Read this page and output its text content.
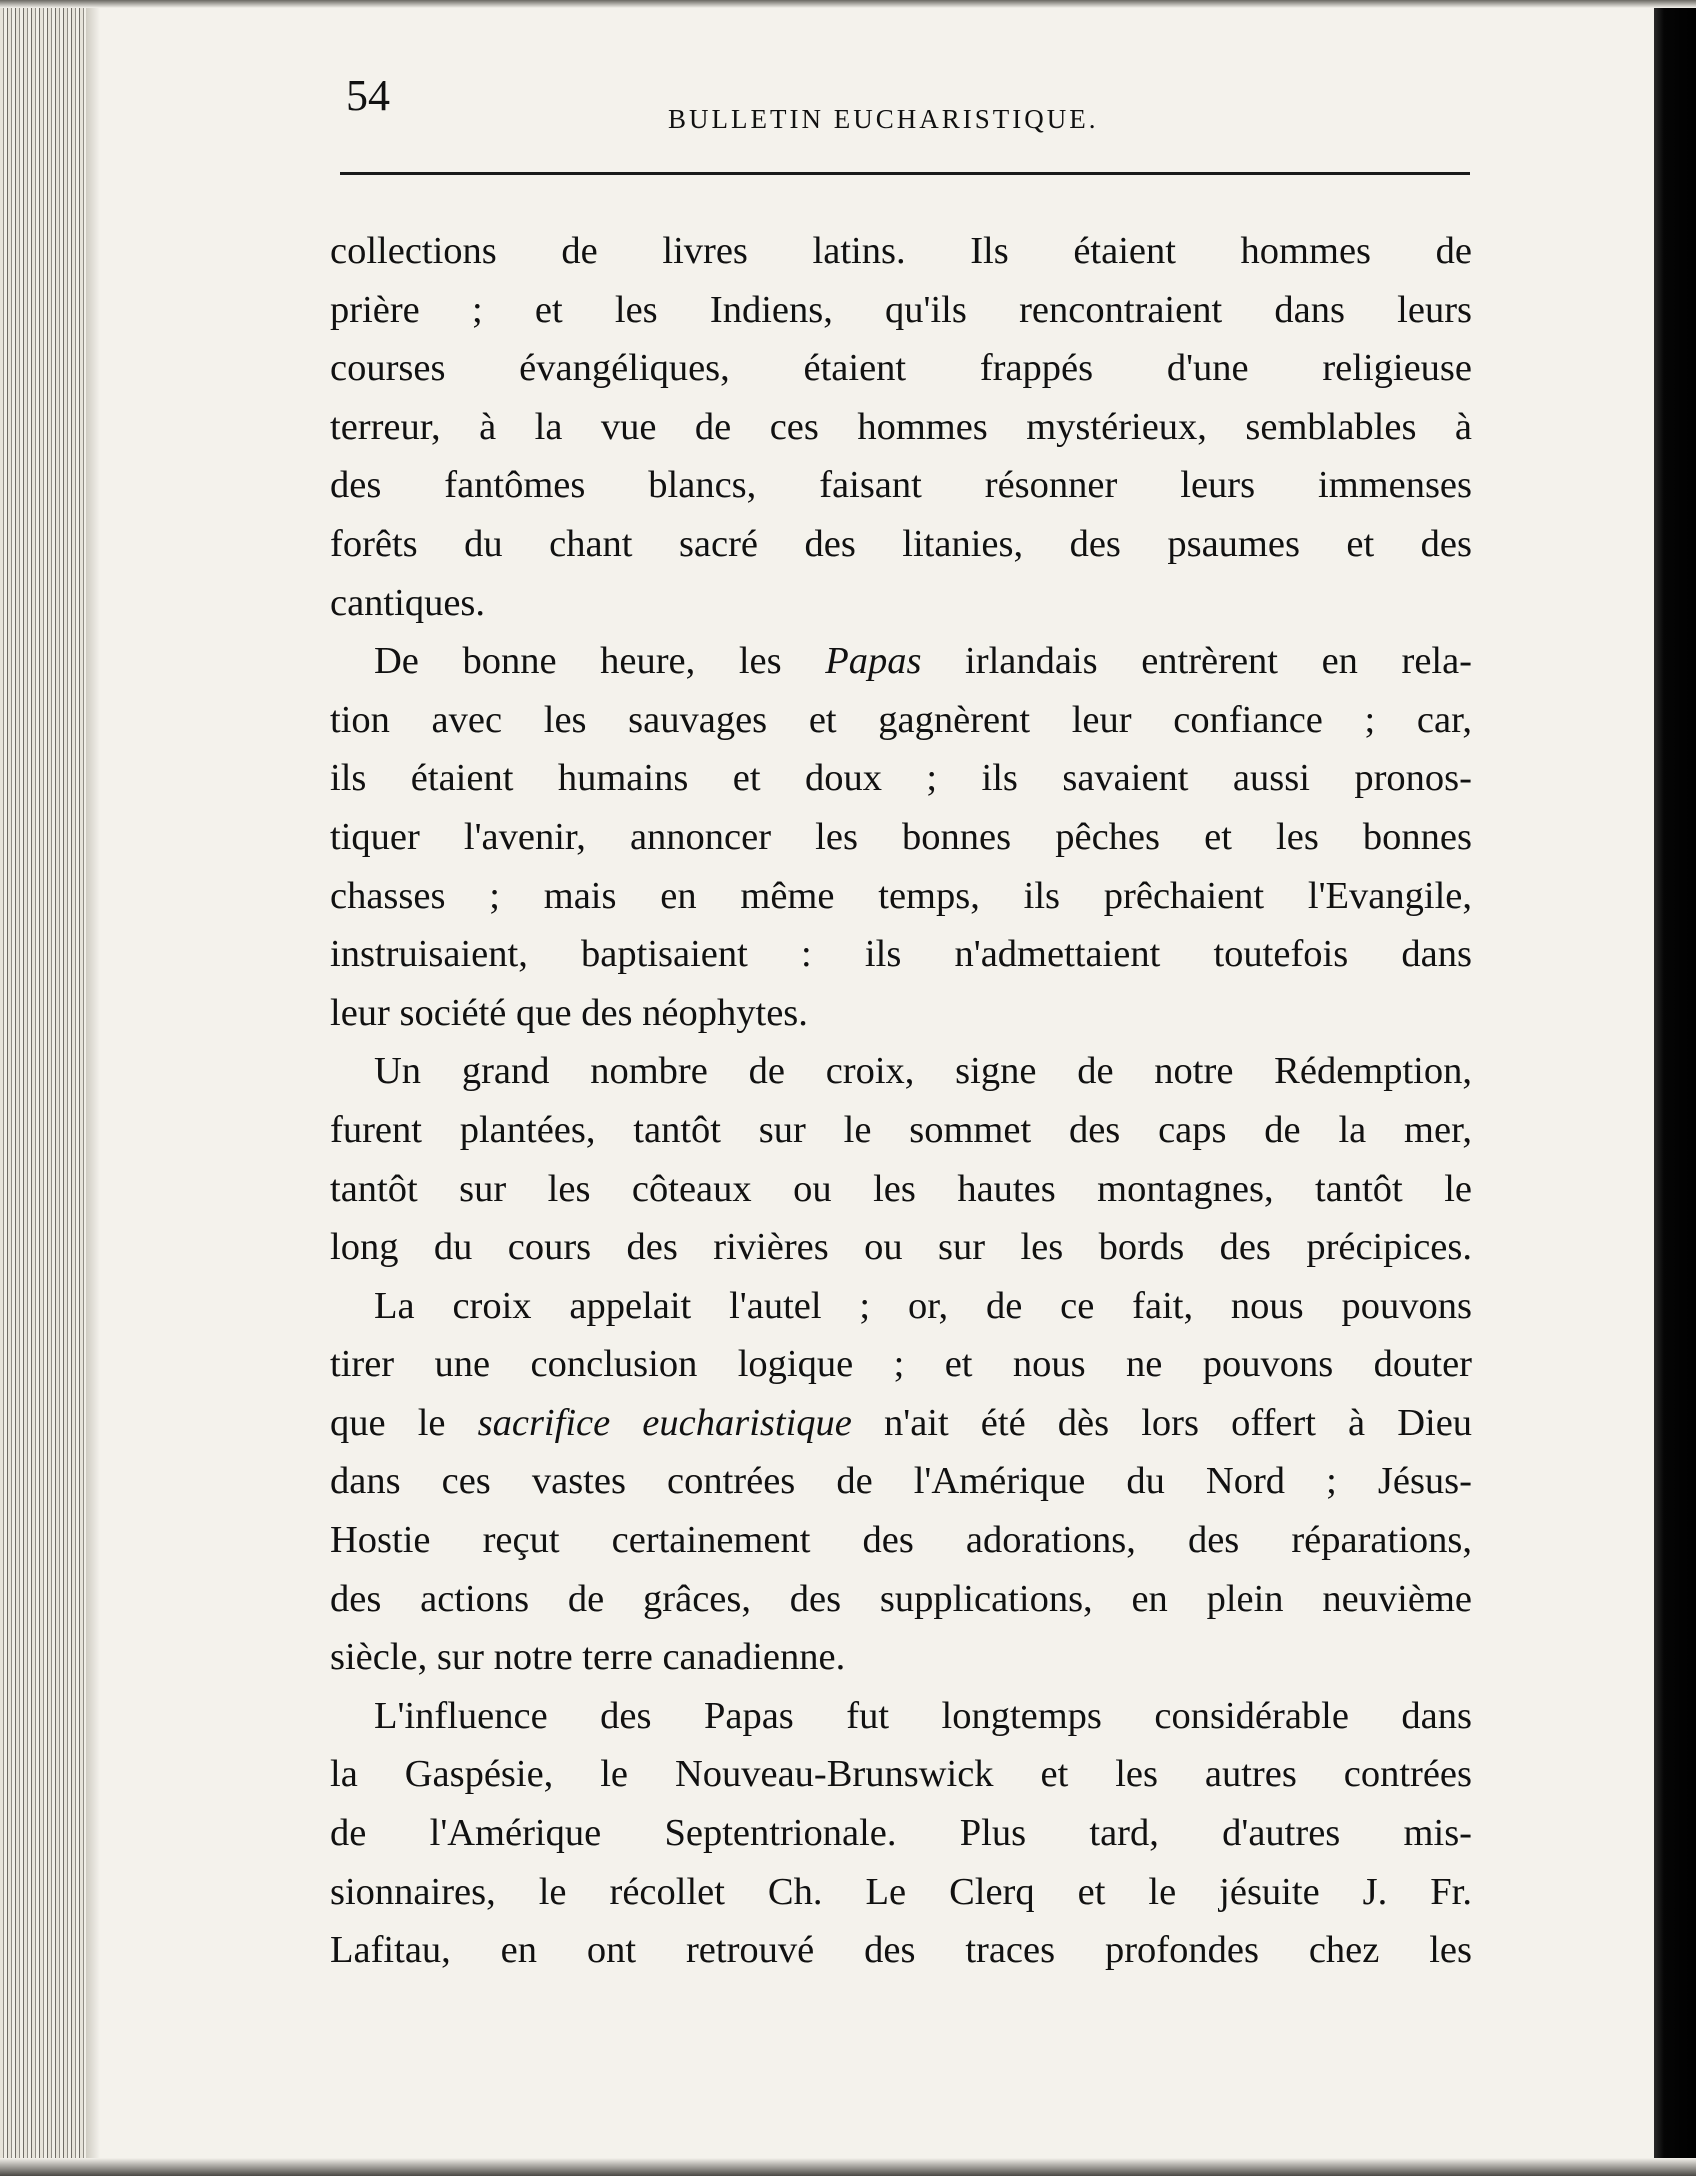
54	BULLETIN EUCHARISTIQUE.
collections de livres latins. Ils étaient hommes de
prière ; et les Indiens, qu'ils rencontraient dans leurs
courses évangéliques, étaient frappés d'une religieuse
terreur, à la vue de ces hommes mystérieux, semblables à
des fantômes blancs, faisant résonner leurs immenses
forêts du chant sacré des litanies, des psaumes et des
cantiques.
De bonne heure, les Papas irlandais entrèrent en rela-
tion avec les sauvages et gagnèrent leur confiance ; car,
ils étaient humains et doux ; ils savaient aussi pronos-
tiquer l'avenir, annoncer les bonnes pêches et les bonnes
chasses ; mais en même temps, ils prêchaient l'Evangile,
instruisaient, baptisaient : ils n'admettaient toutefois dans
leur société que des néophytes.
Un grand nombre de croix, signe de notre Rédemption,
furent plantées, tantôt sur le sommet des caps de la mer,
tantôt sur les côteaux ou les hautes montagnes, tantôt le
long du cours des rivières ou sur les bords des précipices.
La croix appelait l'autel ; or, de ce fait, nous pouvons
tirer une conclusion logique ; et nous ne pouvons douter
que le sacrifice eucharistique n'ait été dès lors offert à Dieu
dans ces vastes contrées de l'Amérique du Nord ; Jésus-
Hostie reçut certainement des adorations, des réparations,
des actions de grâces, des supplications, en plein neuvième
siècle, sur notre terre canadienne.
L'influence des Papas fut longtemps considérable dans
la Gaspésie, le Nouveau-Brunswick et les autres contrées
de l'Amérique Septentrionale. Plus tard, d'autres mis-
sionnaires, le récollet Ch. Le Clerq et le jésuite J. Fr.
Lafitau, en ont retrouvé des traces profondes chez les
